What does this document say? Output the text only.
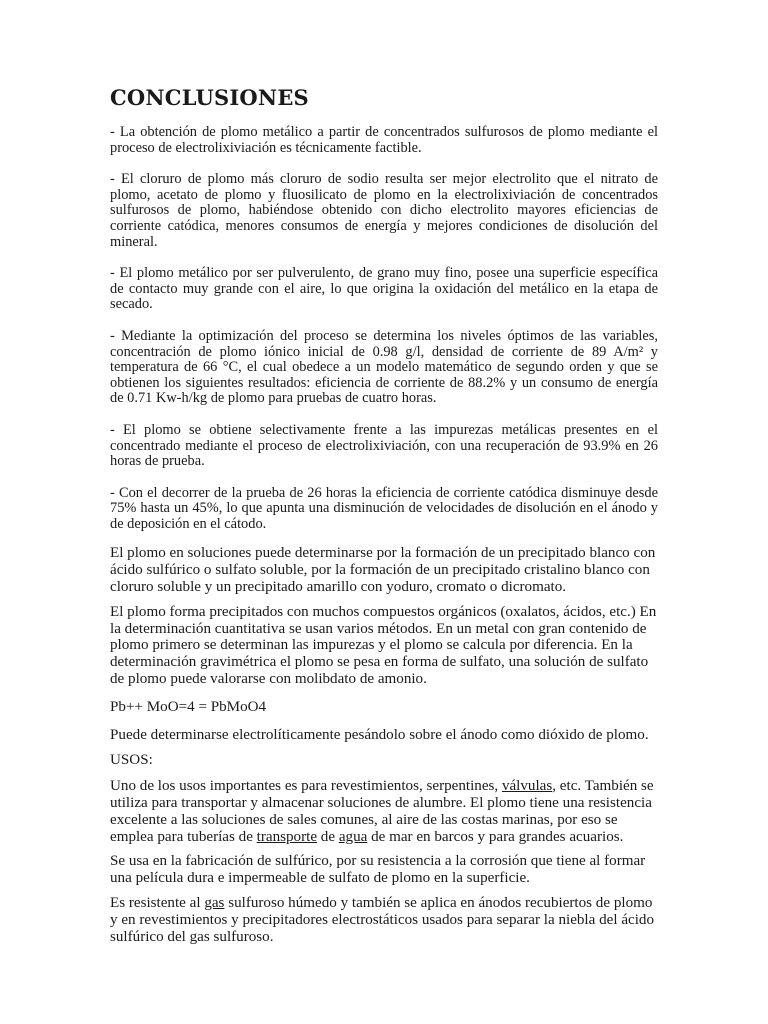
CONCLUSIONES

- La obtención de plomo metálico a partir de concentrados sulfurosos de plomo mediante el proceso de electrolixiviación es técnicamente factible.

- El cloruro de plomo más cloruro de sodio resulta ser mejor electrolito que el nitrato de plomo, acetato de plomo y fluosilicato de plomo en la electrolixiviación de concentrados sulfurosos de plomo, habiéndose obtenido con dicho electrolito mayores eficiencias de corriente catódica, menores consumos de energía y mejores condiciones de disolución del mineral.

- El plomo metálico por ser pulverulento, de grano muy fino, posee una superficie específica de contacto muy grande con el aire, lo que origina la oxidación del metálico en la etapa de secado.

- Mediante la optimización del proceso se determina los niveles óptimos de las variables, concentración de plomo iónico inicial de 0.98 g/l, densidad de corriente de 89 A/m² y temperatura de 66 °C, el cual obedece a un modelo matemático de segundo orden y que se obtienen los siguientes resultados: eficiencia de corriente de 88.2% y un consumo de energía de 0.71 Kw-h/kg de plomo para pruebas de cuatro horas.

- El plomo se obtiene selectivamente frente a las impurezas metálicas presentes en el concentrado mediante el proceso de electrolixiviación, con una recuperación de 93.9% en 26 horas de prueba.

- Con el decorrer de la prueba de 26 horas la eficiencia de corriente catódica disminuye desde 75% hasta un 45%, lo que apunta una disminución de velocidades de disolución en el ánodo y de deposición en el cátodo.

El plomo en soluciones puede determinarse por la formación de un precipitado blanco con ácido sulfúrico o sulfato soluble, por la formación de un precipitado cristalino blanco con cloruro soluble y un precipitado amarillo con yoduro, cromato o dicromato.

El plomo forma precipitados con muchos compuestos orgánicos (oxalatos, ácidos, etc.) En la determinación cuantitativa se usan varios métodos. En un metal con gran contenido de plomo primero se determinan las impurezas y el plomo se calcula por diferencia. En la determinación gravimétrica el plomo se pesa en forma de sulfato, una solución de sulfato de plomo puede valorarse con molibdato de amonio.

Pb++ MoO=4 = PbMoO4

Puede determinarse electrolíticamente pesándolo sobre el ánodo como dióxido de plomo.

USOS:

Uno de los usos importantes es para revestimientos, serpentines, válvulas, etc. También se utiliza para transportar y almacenar soluciones de alumbre. El plomo tiene una resistencia excelente a las soluciones de sales comunes, al aire de las costas marinas, por eso se emplea para tuberías de transporte de agua de mar en barcos y para grandes acuarios.

Se usa en la fabricación de sulfúrico, por su resistencia a la corrosión que tiene al formar una película dura e impermeable de sulfato de plomo en la superficie.

Es resistente al gas sulfuroso húmedo y también se aplica en ánodos recubiertos de plomo y en revestimientos y precipitadores electrostáticos usados para separar la niebla del ácido sulfúrico del gas sulfuroso.
